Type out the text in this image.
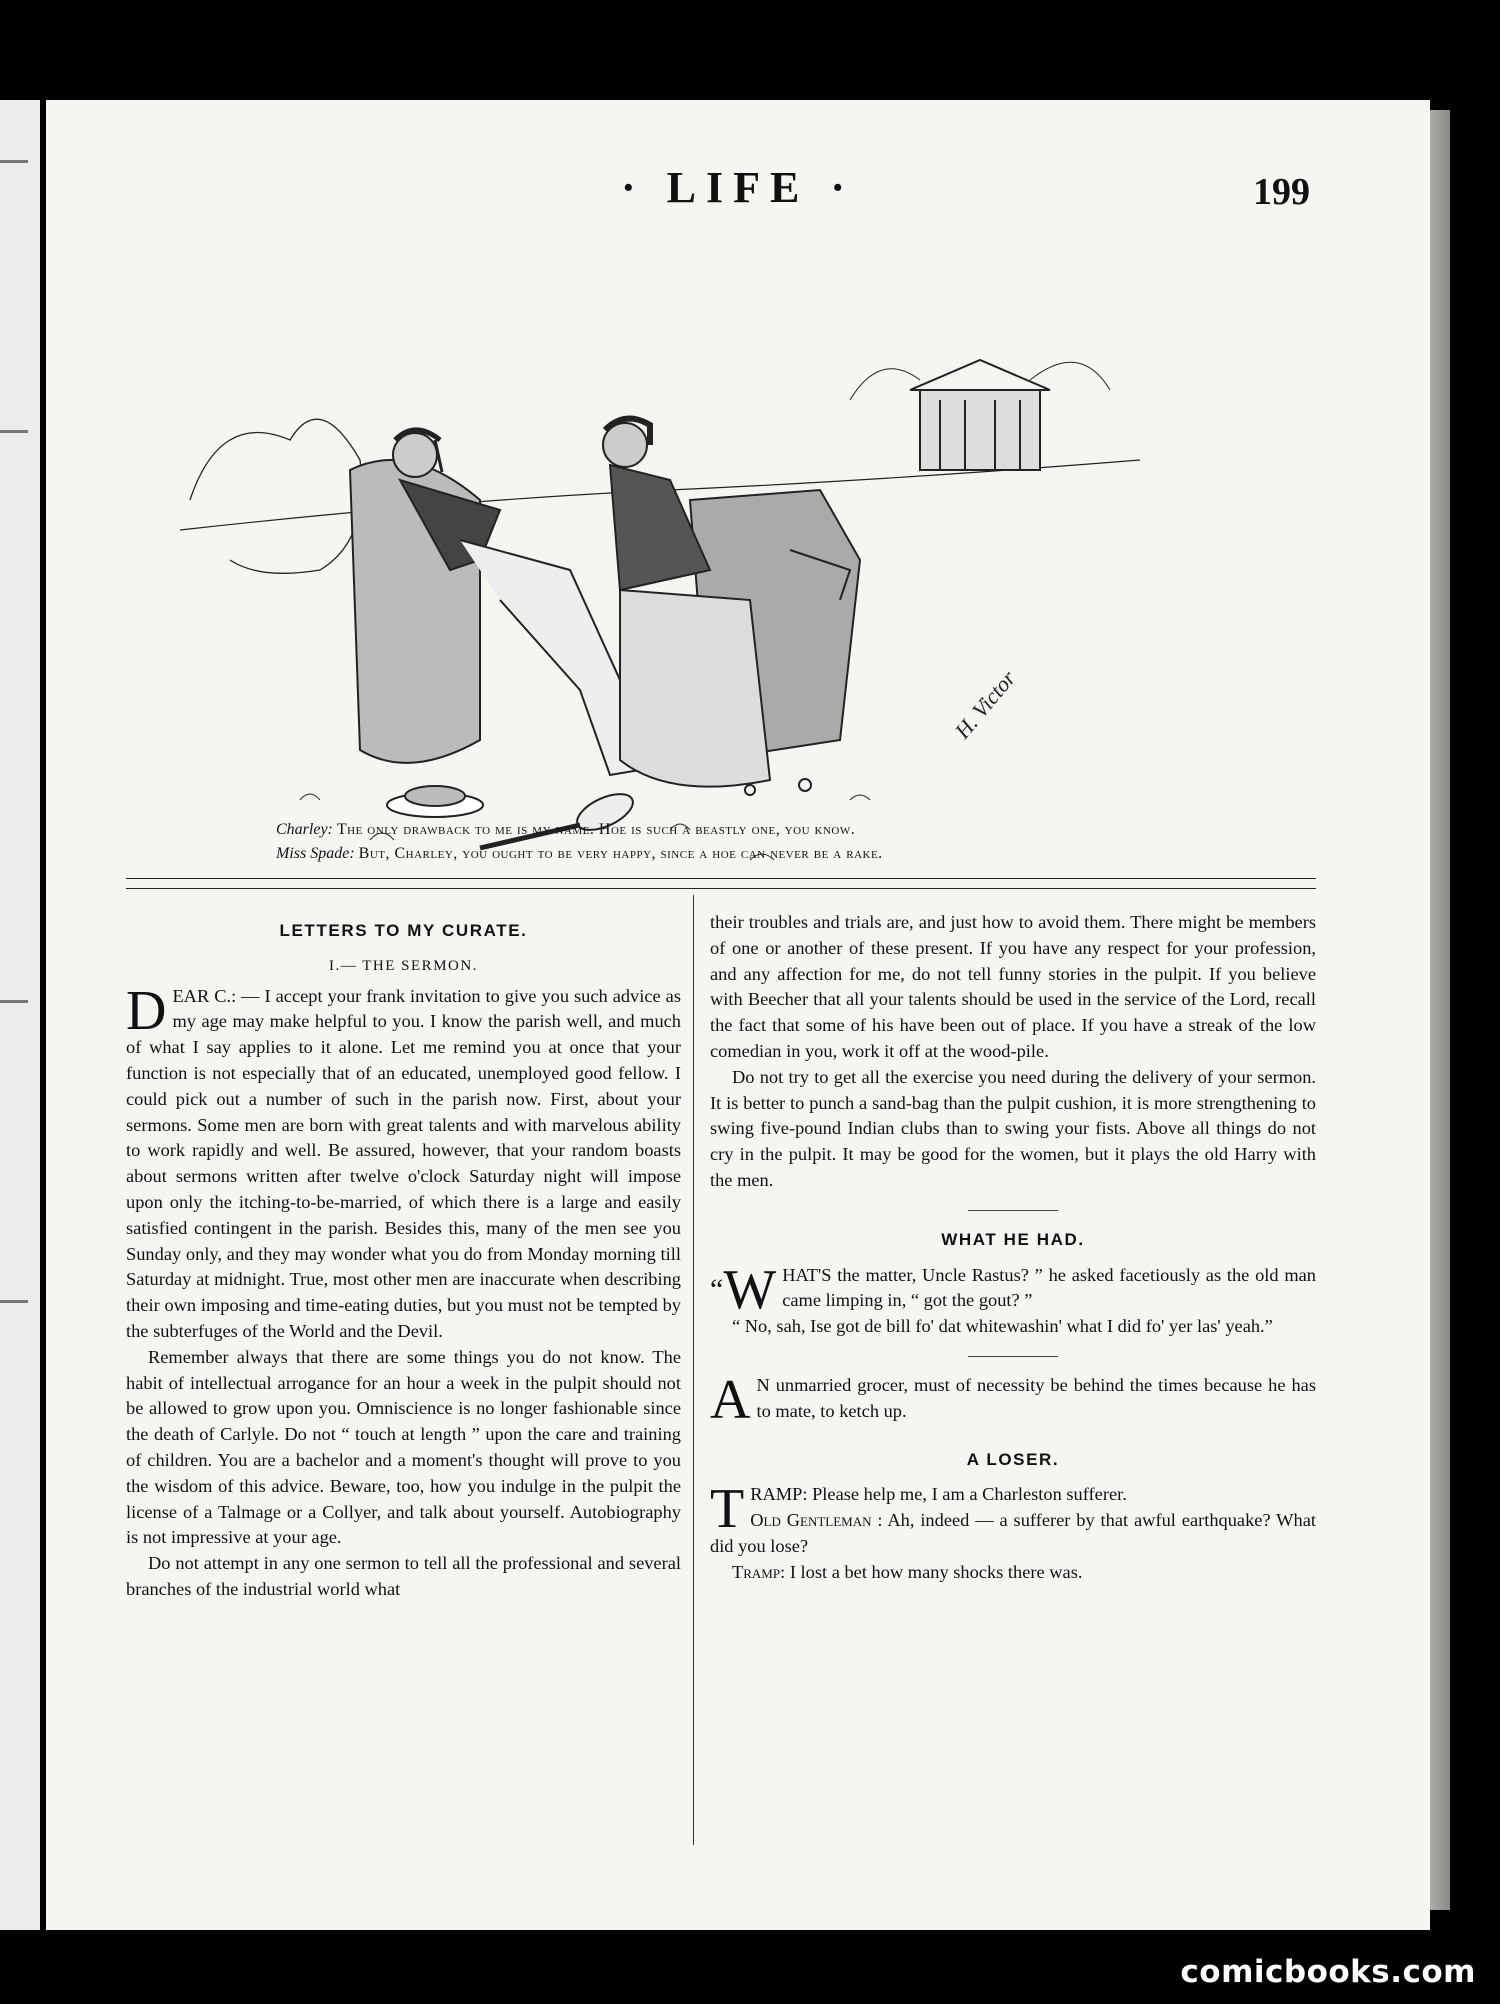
· LIFE ·	199
H. Victor
Charley: The only drawback to me is my name. Hoe is such a beastly one, you know.
Miss Spade: But, Charley, you ought to be very happy, since a hoe can never be a rake.
LETTERS TO MY CURATE.
I.— THE SERMON.

DEAR C.: — I accept your frank invitation to give you such advice as my age may make helpful to you. I know the parish well, and much of what I say applies to it alone. Let me remind you at once that your function is not especially that of an educated, unemployed good fellow. I could pick out a number of such in the parish now. First, about your sermons. Some men are born with great talents and with marvelous ability to work rapidly and well. Be assured, however, that your random boasts about sermons written after twelve o'clock Saturday night will impose upon only the itching-to-be-married, of which there is a large and easily satisfied contingent in the parish. Besides this, many of the men see you Sunday only, and they may wonder what you do from Monday morning till Saturday at midnight. True, most other men are inaccurate when describing their own imposing and time-eating duties, but you must not be tempted by the subterfuges of the World and the Devil.

Remember always that there are some things you do not know. The habit of intellectual arrogance for an hour a week in the pulpit should not be allowed to grow upon you. Omniscience is no longer fashionable since the death of Carlyle. Do not “ touch at length ” upon the care and training of children. You are a bachelor and a moment's thought will prove to you the wisdom of this advice. Beware, too, how you indulge in the pulpit the license of a Talmage or a Collyer, and talk about yourself. Autobiography is not impressive at your age.

Do not attempt in any one sermon to tell all the professional and several branches of the industrial world what

their troubles and trials are, and just how to avoid them. There might be members of one or another of these present. If you have any respect for your profession, and any affection for me, do not tell funny stories in the pulpit. If you believe with Beecher that all your talents should be used in the service of the Lord, recall the fact that some of his have been out of place. If you have a streak of the low comedian in you, work it off at the wood-pile.

Do not try to get all the exercise you need during the delivery of your sermon. It is better to punch a sand-bag than the pulpit cushion, it is more strengthening to swing five-pound Indian clubs than to swing your fists. Above all things do not cry in the pulpit. It may be good for the women, but it plays the old Harry with the men.

WHAT HE HAD.

“ W HAT'S the matter, Uncle Rastus? ” he asked facetiously as the old man came limping in, “ got the gout? ”

“ No, sah, Ise got de bill fo' dat whitewashin' what I did fo' yer las' yeah.”

A N unmarried grocer, must of necessity be behind the times because he has to mate, to ketch up.

A LOSER.

TRAMP: Please help me, I am a Charleston sufferer.
Old Gentleman : Ah, indeed — a sufferer by that awful earthquake? What did you lose?

Tramp: I lost a bet how many shocks there was.

comicbooks.com
